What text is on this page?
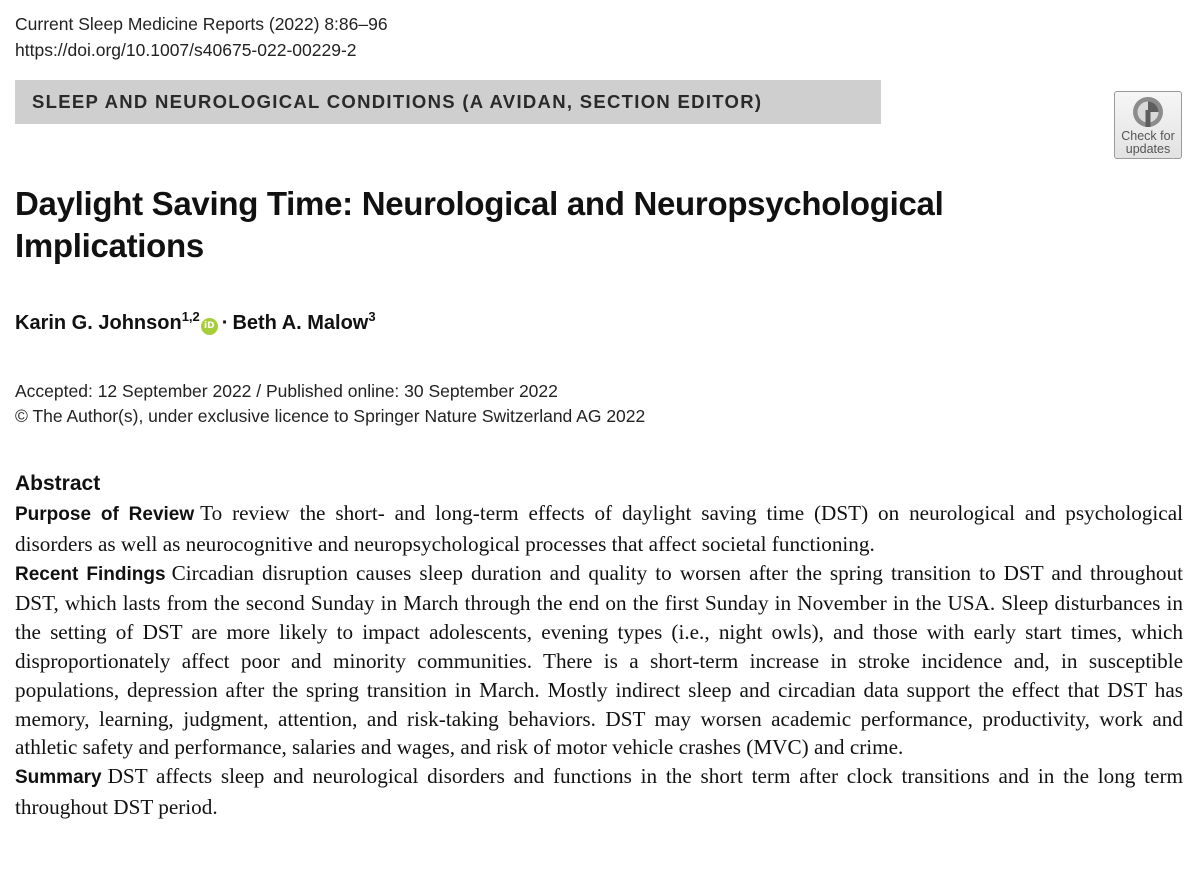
Current Sleep Medicine Reports (2022) 8:86–96
https://doi.org/10.1007/s40675-022-00229-2
SLEEP AND NEUROLOGICAL CONDITIONS (A AVIDAN, SECTION EDITOR)
Check for
updates
Daylight Saving Time: Neurological and Neuropsychological Implications
Karin G. Johnson$^{1,2}$iD · Beth A. Malow$^3$
Accepted: 12 September 2022 / Published online: 30 September 2022
© The Author(s), under exclusive licence to Springer Nature Switzerland AG 2022
Abstract

Purpose of Review To review the short- and long-term effects of daylight saving time (DST) on neurological and psychological disorders as well as neurocognitive and neuropsychological processes that affect societal functioning.

Recent Findings Circadian disruption causes sleep duration and quality to worsen after the spring transition to DST and throughout DST, which lasts from the second Sunday in March through the end on the first Sunday in November in the USA. Sleep disturbances in the setting of DST are more likely to impact adolescents, evening types (i.e., night owls), and those with early start times, which disproportionately affect poor and minority communities. There is a short-term increase in stroke incidence and, in susceptible populations, depression after the spring transition in March. Mostly indirect sleep and circadian data support the effect that DST has memory, learning, judgment, attention, and risk-taking behaviors. DST may worsen academic performance, productivity, work and athletic safety and performance, salaries and wages, and risk of motor vehicle crashes (MVC) and crime.

Summary DST affects sleep and neurological disorders and functions in the short term after clock transitions and in the long term throughout DST period.
